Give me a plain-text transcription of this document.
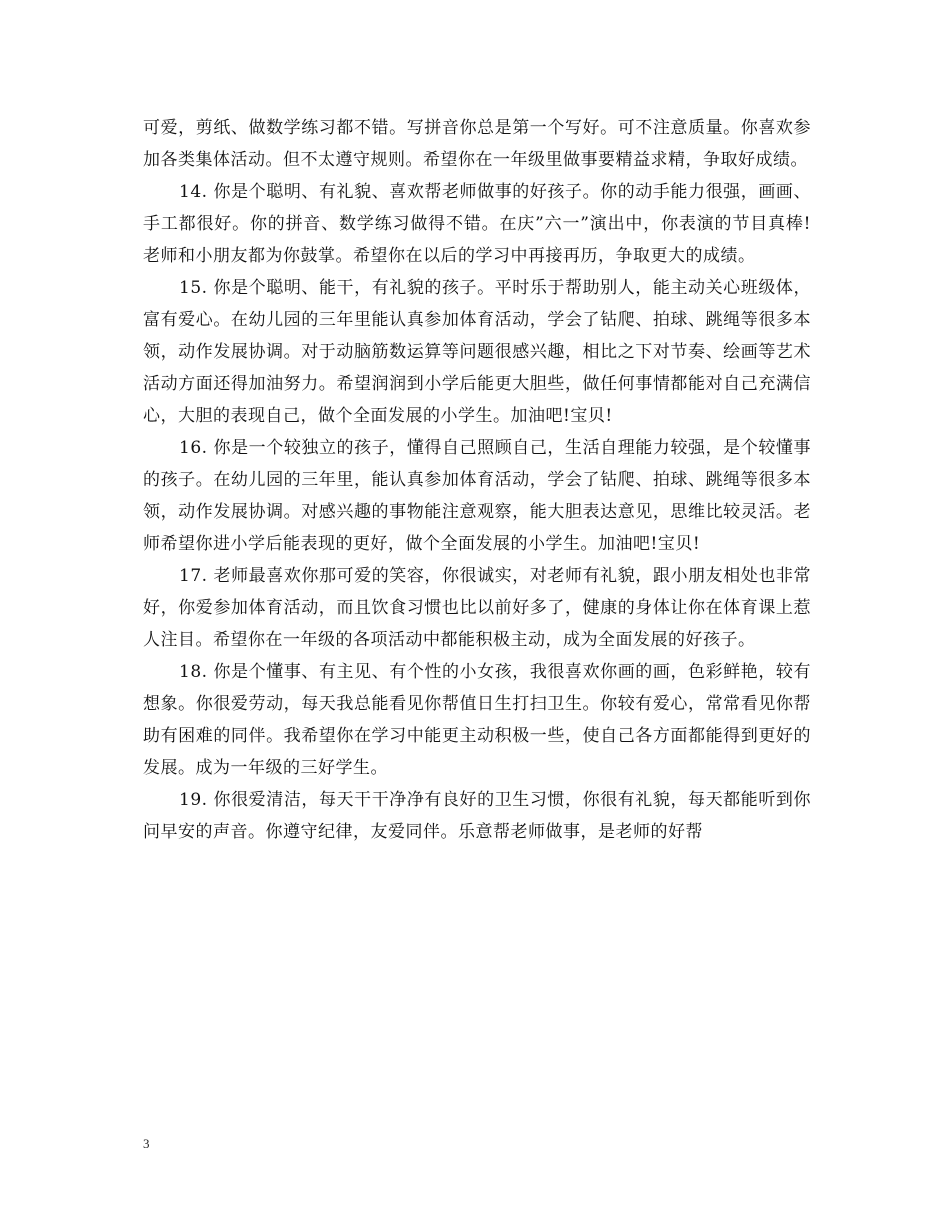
可爱，剪纸、做数学练习都不错。写拼音你总是第一个写好。可不注意质量。你喜欢参加各类集体活动。但不太遵守规则。希望你在一年级里做事要精益求精，争取好成绩。

14. 你是个聪明、有礼貌、喜欢帮老师做事的好孩子。你的动手能力很强，画画、手工都很好。你的拼音、数学练习做得不错。在庆”六一”演出中，你表演的节目真棒!老师和小朋友都为你鼓掌。希望你在以后的学习中再接再历，争取更大的成绩。

15. 你是个聪明、能干，有礼貌的孩子。平时乐于帮助别人，能主动关心班级体，富有爱心。在幼儿园的三年里能认真参加体育活动，学会了钻爬、拍球、跳绳等很多本领，动作发展协调。对于动脑筋数运算等问题很感兴趣，相比之下对节奏、绘画等艺术活动方面还得加油努力。希望润润到小学后能更大胆些，做任何事情都能对自己充满信心，大胆的表现自己，做个全面发展的小学生。加油吧!宝贝!

16. 你是一个较独立的孩子，懂得自己照顾自己，生活自理能力较强，是个较懂事的孩子。在幼儿园的三年里，能认真参加体育活动，学会了钻爬、拍球、跳绳等很多本领，动作发展协调。对感兴趣的事物能注意观察，能大胆表达意见，思维比较灵活。老师希望你进小学后能表现的更好，做个全面发展的小学生。加油吧!宝贝!

17. 老师最喜欢你那可爱的笑容，你很诚实，对老师有礼貌，跟小朋友相处也非常好，你爱参加体育活动，而且饮食习惯也比以前好多了，健康的身体让你在体育课上惹人注目。希望你在一年级的各项活动中都能积极主动，成为全面发展的好孩子。

18. 你是个懂事、有主见、有个性的小女孩，我很喜欢你画的画，色彩鲜艳，较有想象。你很爱劳动，每天我总能看见你帮值日生打扫卫生。你较有爱心，常常看见你帮助有困难的同伴。我希望你在学习中能更主动积极一些，使自己各方面都能得到更好的发展。成为一年级的三好学生。

19. 你很爱清洁，每天干干净净有良好的卫生习惯，你很有礼貌，每天都能听到你问早安的声音。你遵守纪律，友爱同伴。乐意帮老师做事，是老师的好帮

3
